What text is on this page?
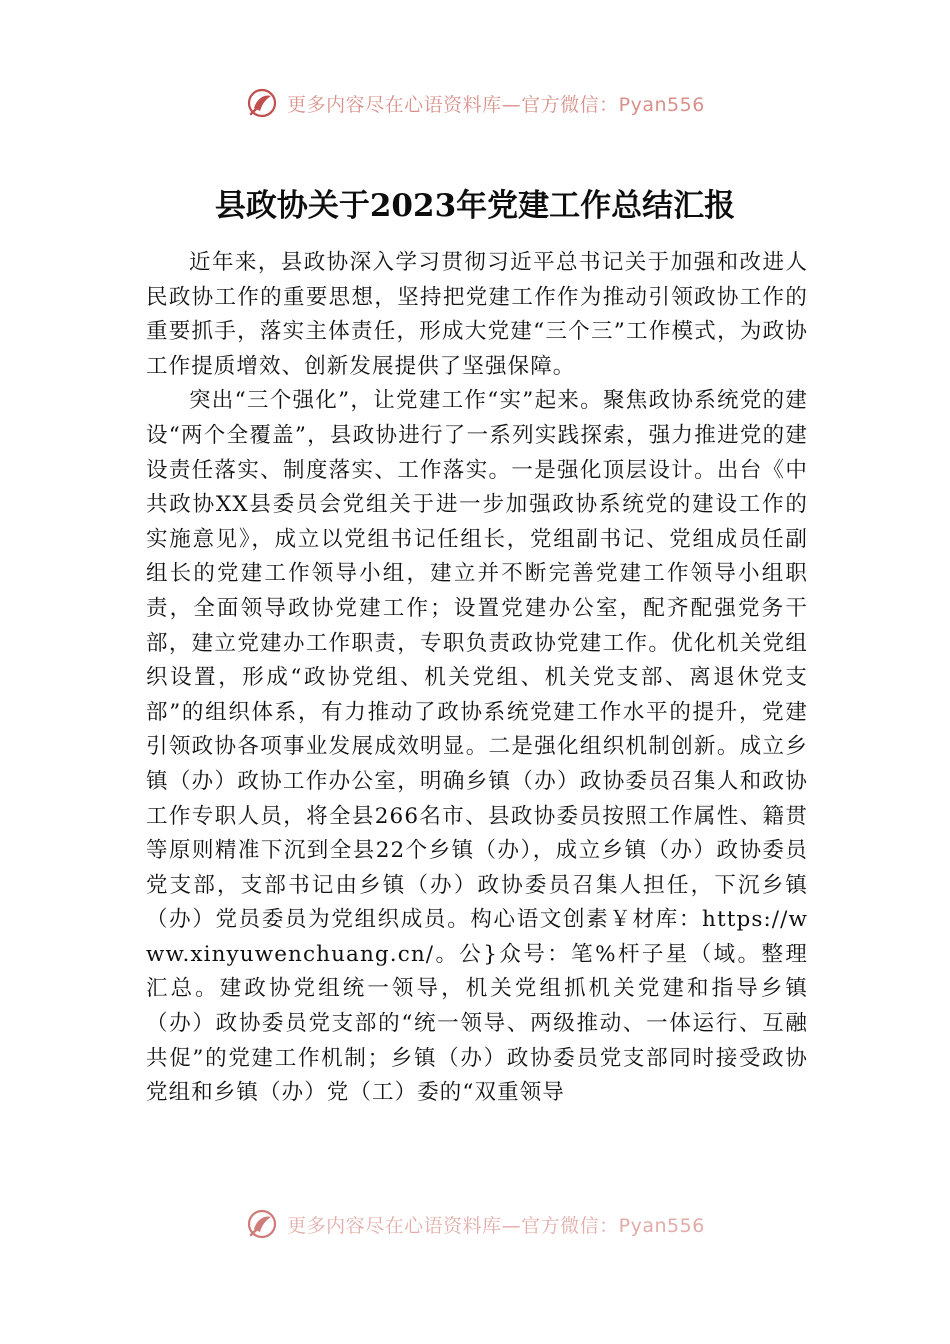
更多内容尽在心语资料库—官方微信：Pyan556
县政协关于2023年党建工作总结汇报

近年来，县政协深入学习贯彻习近平总书记关于加强和改进人民政协工作的重要思想，坚持把党建工作作为推动引领政协工作的重要抓手，落实主体责任，形成大党建“三个三”工作模式，为政协工作提质增效、创新发展提供了坚强保障。

突出“三个强化”，让党建工作“实”起来。聚焦政协系统党的建设“两个全覆盖”，县政协进行了一系列实践探索，强力推进党的建设责任落实、制度落实、工作落实。一是强化顶层设计。出台《中共政协XX县委员会党组关于进一步加强政协系统党的建设工作的实施意见》，成立以党组书记任组长，党组副书记、党组成员任副组长的党建工作领导小组，建立并不断完善党建工作领导小组职责，全面领导政协党建工作；设置党建办公室，配齐配强党务干部，建立党建办工作职责，专职负责政协党建工作。优化机关党组织设置，形成“政协党组、机关党组、机关党支部、离退休党支部”的组织体系，有力推动了政协系统党建工作水平的提升，党建引领政协各项事业发展成效明显。二是强化组织机制创新。成立乡镇（办）政协工作办公室，明确乡镇（办）政协委员召集人和政协工作专职人员，将全县266名市、县政协委员按照工作属性、籍贯等原则精准下沉到全县22个乡镇（办），成立乡镇（办）政协委员党支部，支部书记由乡镇（办）政协委员召集人担任，下沉乡镇（办）党员委员为党组织成员。构心语文创素￥材库：https://www.xinyuwenchuang.cn/。公}众号：笔%杆子星（域。整理汇总。建政协党组统一领导，机关党组抓机关党建和指导乡镇（办）政协委员党支部的“统一领导、两级推动、一体运行、互融共促”的党建工作机制；乡镇（办）政协委员党支部同时接受政协党组和乡镇（办）党（工）委的“双重领导

更多内容尽在心语资料库—官方微信：Pyan556
